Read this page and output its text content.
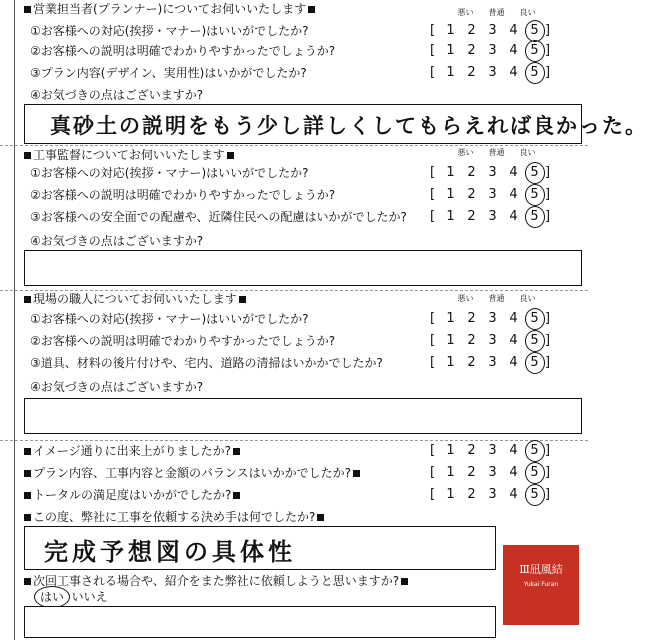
営業担当者(プランナー)についてお伺いいたします	悪い 普通 良い
①お客様への対応(挨拶・マナー)はいいがでしたか?	[ 1 2 3 4 5 ]
②お客様への説明は明確でわかりやすかったでしょうか?	[ 1 2 3 4 5 ]
③プラン内容(デザイン、実用性)はいかがでしたか?	[ 1 2 3 4 5 ]
④お気づきの点はございますか?
真砂土の説明をもう少し詳しくしてもらえれば良かった。
工事監督についてお伺いいたします	悪い 普通 良い
①お客様への対応(挨拶・マナー)はいいがでしたか?	[ 1 2 3 4 5 ]
②お客様への説明は明確でわかりやすかったでしょうか?	[ 1 2 3 4 5 ]
③お客様への安全面での配慮や、近隣住民への配慮はいかがでしたか? [ 1 2 3 4 5 ]
④お気づきの点はございますか?
現場の職人についてお伺いいたします	悪い 普通 良い
①お客様への対応(挨拶・マナー)はいいがでしたか?	[ 1 2 3 4 5 ]
②お客様への説明は明確でわかりやすかったでしょうか?	[ 1 2 3 4 5 ]
③道具、材料の後片付けや、宅内、道路の清掃はいかかでしたか?	[ 1 2 3 4 5 ]
④お気づきの点はございますか?
イメージ通りに出来上がりましたか?	[ 1 2 3 4 5 ]
プラン内容、工事内容と金額のバランスはいかかでしたか?	[ 1 2 3 4 5 ]
トータルの満足度はいかがでしたか?	[ 1 2 3 4 5 ]
この度、弊社に工事を依頼する決め手は何でしたか?
完成予想図の具体性
次回工事される場合や、紹介をまた弊社に依頼しようと思いますか?
はい いいえ
Ⅲ凪風結
Yukai Furan
